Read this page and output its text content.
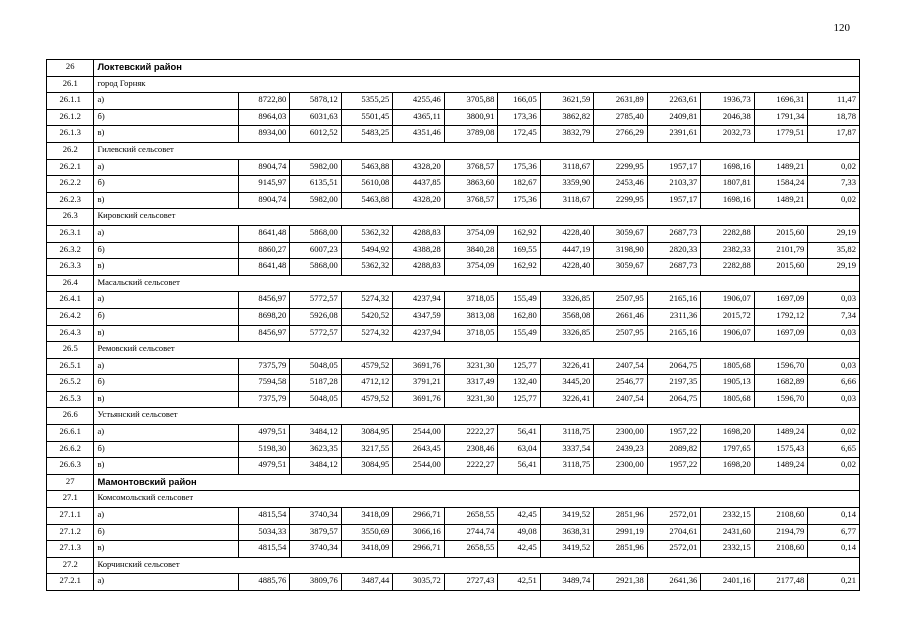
120
26	Локтевский район												
26.1	город Горняк												
26.1.1	а)	8722,80	5878,12	5355,25	4255,46	3705,88	166,05	3621,59	2631,89	2263,61	1936,73	1696,31	11,47
26.1.2	б)	8964,03	6031,63	5501,45	4365,11	3800,91	173,36	3862,82	2785,40	2409,81	2046,38	1791,34	18,78
26.1.3	в)	8934,00	6012,52	5483,25	4351,46	3789,08	172,45	3832,79	2766,29	2391,61	2032,73	1779,51	17,87
26.2	Гилевский сельсовет												
26.2.1	а)	8904,74	5982,00	5463,88	4328,20	3768,57	175,36	3118,67	2299,95	1957,17	1698,16	1489,21	0,02
26.2.2	б)	9145,97	6135,51	5610,08	4437,85	3863,60	182,67	3359,90	2453,46	2103,37	1807,81	1584,24	7,33
26.2.3	в)	8904,74	5982,00	5463,88	4328,20	3768,57	175,36	3118,67	2299,95	1957,17	1698,16	1489,21	0,02
26.3	Кировский сельсовет												
26.3.1	а)	8641,48	5868,00	5362,32	4288,83	3754,09	162,92	4228,40	3059,67	2687,73	2282,88	2015,60	29,19
26.3.2	б)	8860,27	6007,23	5494,92	4388,28	3840,28	169,55	4447,19	3198,90	2820,33	2382,33	2101,79	35,82
26.3.3	в)	8641,48	5868,00	5362,32	4288,83	3754,09	162,92	4228,40	3059,67	2687,73	2282,88	2015,60	29,19
26.4	Масальский сельсовет												
26.4.1	а)	8456,97	5772,57	5274,32	4237,94	3718,05	155,49	3326,85	2507,95	2165,16	1906,07	1697,09	0,03
26.4.2	б)	8698,20	5926,08	5420,52	4347,59	3813,08	162,80	3568,08	2661,46	2311,36	2015,72	1792,12	7,34
26.4.3	в)	8456,97	5772,57	5274,32	4237,94	3718,05	155,49	3326,85	2507,95	2165,16	1906,07	1697,09	0,03
26.5	Ремовский сельсовет												
26.5.1	а)	7375,79	5048,05	4579,52	3691,76	3231,30	125,77	3226,41	2407,54	2064,75	1805,68	1596,70	0,03
26.5.2	б)	7594,58	5187,28	4712,12	3791,21	3317,49	132,40	3445,20	2546,77	2197,35	1905,13	1682,89	6,66
26.5.3	в)	7375,79	5048,05	4579,52	3691,76	3231,30	125,77	3226,41	2407,54	2064,75	1805,68	1596,70	0,03
26.6	Устьянский сельсовет												
26.6.1	а)	4979,51	3484,12	3084,95	2544,00	2222,27	56,41	3118,75	2300,00	1957,22	1698,20	1489,24	0,02
26.6.2	б)	5198,30	3623,35	3217,55	2643,45	2308,46	63,04	3337,54	2439,23	2089,82	1797,65	1575,43	6,65
26.6.3	в)	4979,51	3484,12	3084,95	2544,00	2222,27	56,41	3118,75	2300,00	1957,22	1698,20	1489,24	0,02
27	Мамонтовский район												
27.1	Комсомольский сельсовет												
27.1.1	а)	4815,54	3740,34	3418,09	2966,71	2658,55	42,45	3419,52	2851,96	2572,01	2332,15	2108,60	0,14
27.1.2	б)	5034,33	3879,57	3550,69	3066,16	2744,74	49,08	3638,31	2991,19	2704,61	2431,60	2194,79	6,77
27.1.3	в)	4815,54	3740,34	3418,09	2966,71	2658,55	42,45	3419,52	2851,96	2572,01	2332,15	2108,60	0,14
27.2	Корчинский сельсовет												
27.2.1	а)	4885,76	3809,76	3487,44	3035,72	2727,43	42,51	3489,74	2921,38	2641,36	2401,16	2177,48	0,21
